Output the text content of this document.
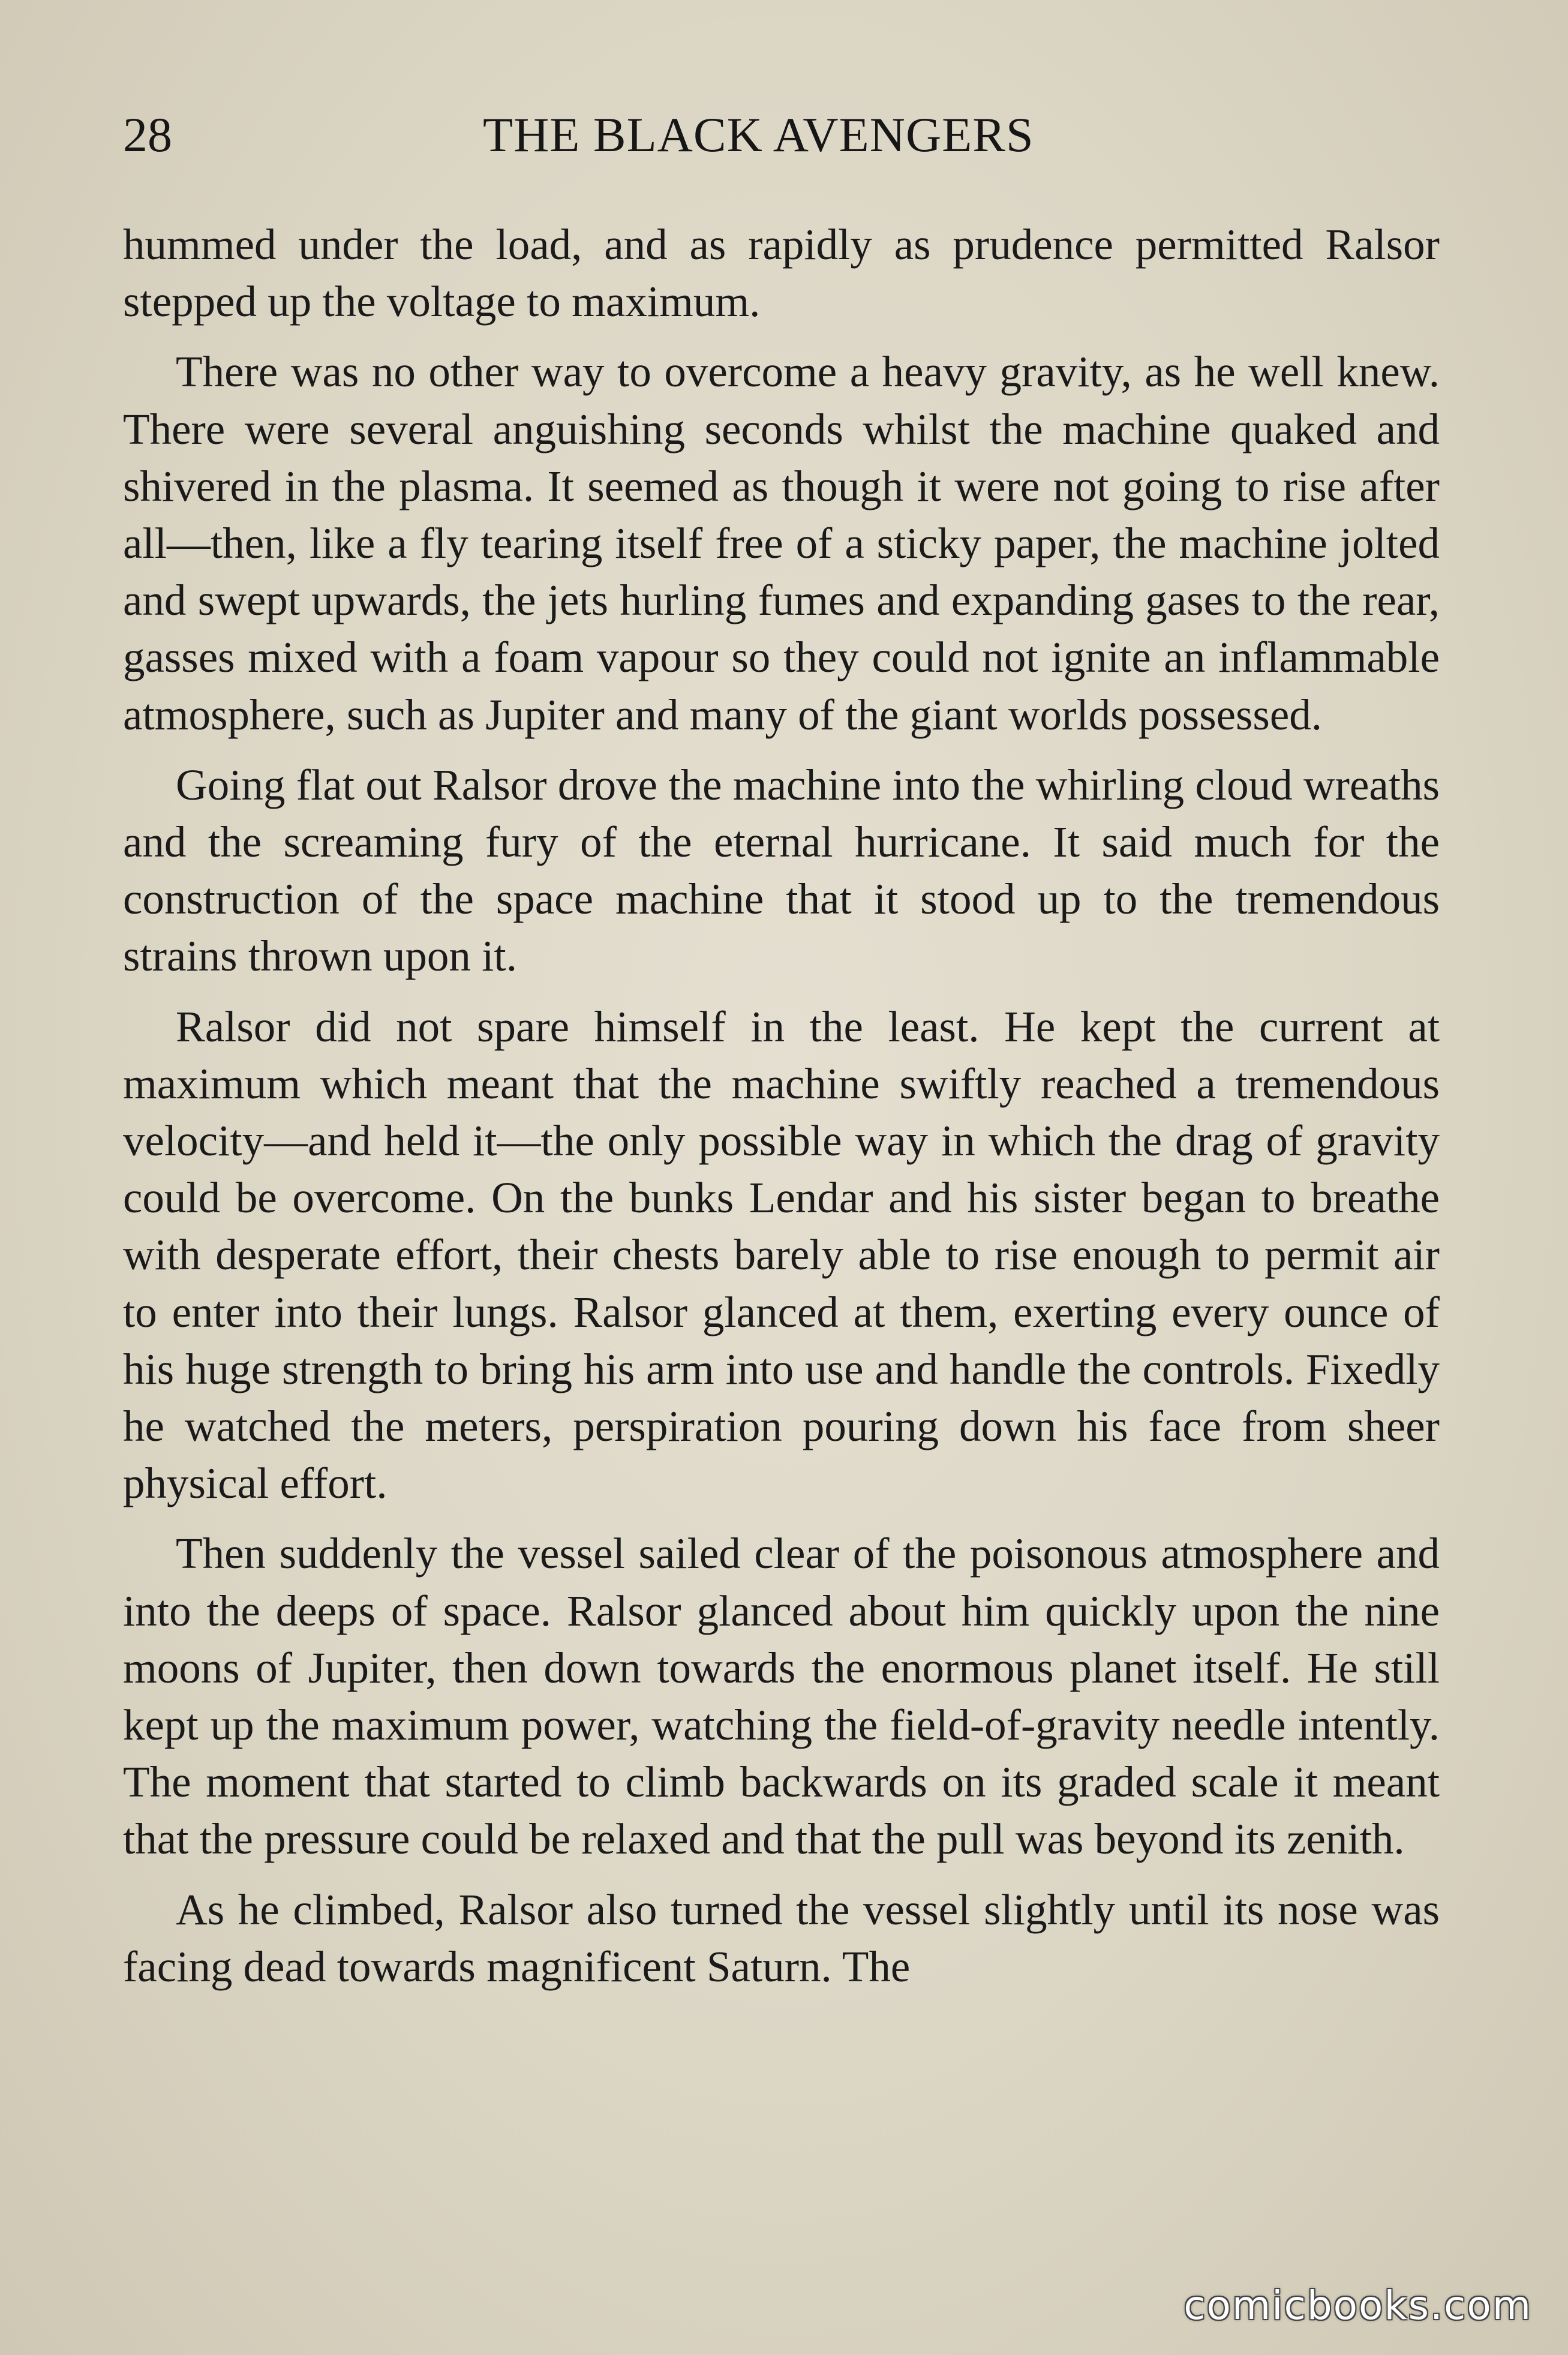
28	THE BLACK AVENGERS

hummed under the load, and as rapidly as prudence permitted Ralsor stepped up the voltage to maximum.

There was no other way to overcome a heavy gravity, as he well knew. There were several anguishing seconds whilst the machine quaked and shivered in the plasma. It seemed as though it were not going to rise after all—then, like a fly tearing itself free of a sticky paper, the machine jolted and swept upwards, the jets hurling fumes and expanding gases to the rear, gasses mixed with a foam vapour so they could not ignite an inflammable atmosphere, such as Jupiter and many of the giant worlds possessed.

Going flat out Ralsor drove the machine into the whirling cloud wreaths and the screaming fury of the eternal hurricane. It said much for the construction of the space machine that it stood up to the tremendous strains thrown upon it.

Ralsor did not spare himself in the least. He kept the current at maximum which meant that the machine swiftly reached a tremendous velocity—and held it—the only possible way in which the drag of gravity could be overcome. On the bunks Lendar and his sister began to breathe with desperate effort, their chests barely able to rise enough to permit air to enter into their lungs. Ralsor glanced at them, exerting every ounce of his huge strength to bring his arm into use and handle the controls. Fixedly he watched the meters, perspiration pouring down his face from sheer physical effort.

Then suddenly the vessel sailed clear of the poisonous atmosphere and into the deeps of space. Ralsor glanced about him quickly upon the nine moons of Jupiter, then down towards the enormous planet itself. He still kept up the maximum power, watching the field-of-gravity needle intently. The moment that started to climb backwards on its graded scale it meant that the pressure could be relaxed and that the pull was beyond its zenith.

As he climbed, Ralsor also turned the vessel slightly until its nose was facing dead towards magnificent Saturn. The

comicbooks.com
